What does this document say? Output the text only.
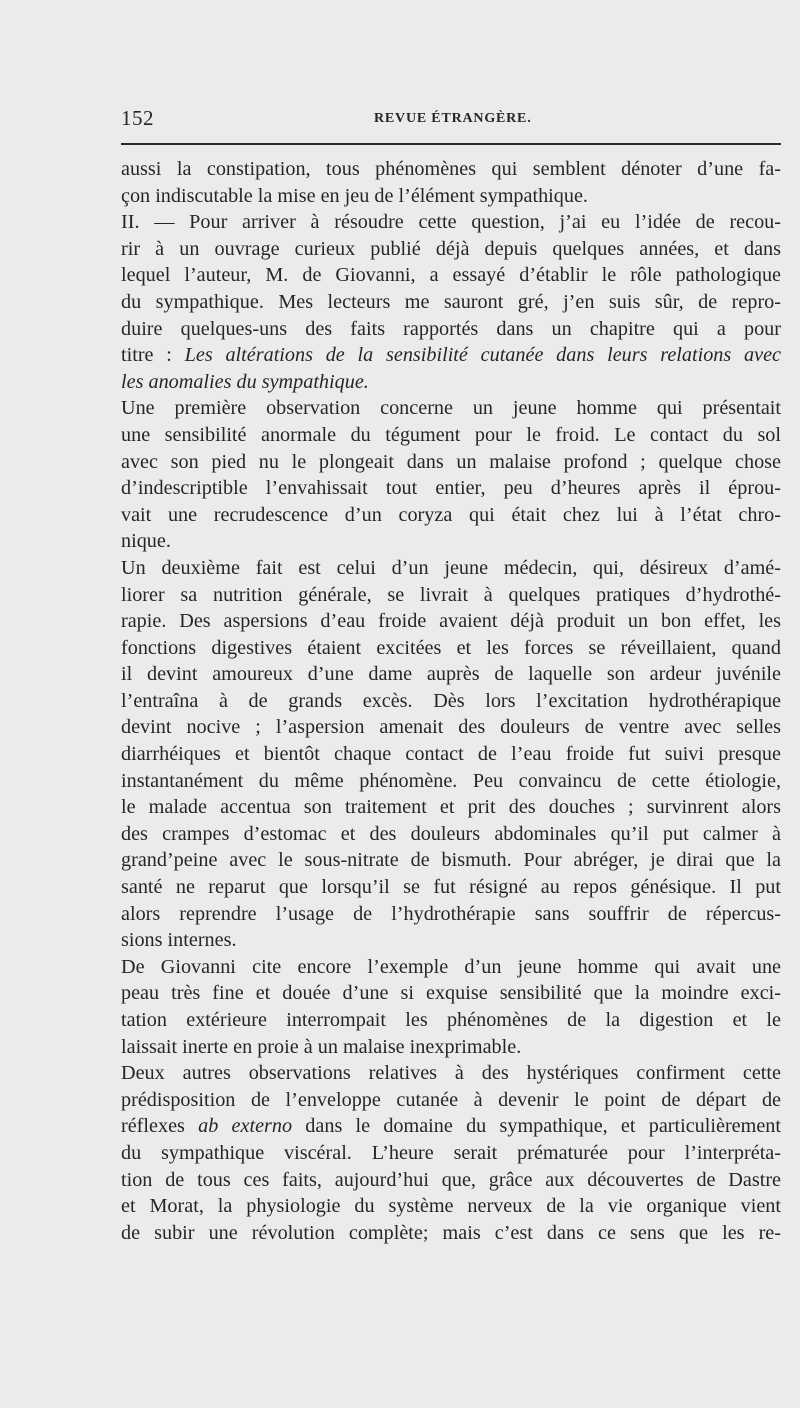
152	REVUE ÉTRANGÈRE.
aussi la constipation, tous phénomènes qui semblent dénoter d’une fa-
çon indiscutable la mise en jeu de l’élément sympathique.
II. — Pour arriver à résoudre cette question, j’ai eu l’idée de recou-
rir à un ouvrage curieux publié déjà depuis quelques années, et dans
lequel l’auteur, M. de Giovanni, a essayé d’établir le rôle pathologique
du sympathique. Mes lecteurs me sauront gré, j’en suis sûr, de repro-
duire quelques-uns des faits rapportés dans un chapitre qui a pour
titre : Les altérations de la sensibilité cutanée dans leurs relations avec
les anomalies du sympathique.
Une première observation concerne un jeune homme qui présentait
une sensibilité anormale du tégument pour le froid. Le contact du sol
avec son pied nu le plongeait dans un malaise profond ; quelque chose
d’indescriptible l’envahissait tout entier, peu d’heures après il éprou-
vait une recrudescence d’un coryza qui était chez lui à l’état chro-
nique.
Un deuxième fait est celui d’un jeune médecin, qui, désireux d’amé-
liorer sa nutrition générale, se livrait à quelques pratiques d’hydrothé-
rapie. Des aspersions d’eau froide avaient déjà produit un bon effet, les
fonctions digestives étaient excitées et les forces se réveillaient, quand
il devint amoureux d’une dame auprès de laquelle son ardeur juvénile
l’entraîna à de grands excès. Dès lors l’excitation hydrothérapique
devint nocive ; l’aspersion amenait des douleurs de ventre avec selles
diarrhéiques et bientôt chaque contact de l’eau froide fut suivi presque
instantanément du même phénomène. Peu convaincu de cette étiologie,
le malade accentua son traitement et prit des douches ; survinrent alors
des crampes d’estomac et des douleurs abdominales qu’il put calmer à
grand’peine avec le sous-nitrate de bismuth. Pour abréger, je dirai que la
santé ne reparut que lorsqu’il se fut résigné au repos génésique. Il put
alors reprendre l’usage de l’hydrothérapie sans souffrir de répercus-
sions internes.
De Giovanni cite encore l’exemple d’un jeune homme qui avait une
peau très fine et douée d’une si exquise sensibilité que la moindre exci-
tation extérieure interrompait les phénomènes de la digestion et le
laissait inerte en proie à un malaise inexprimable.
Deux autres observations relatives à des hystériques confirment cette
prédisposition de l’enveloppe cutanée à devenir le point de départ de
réflexes ab externo dans le domaine du sympathique, et particulièrement
du sympathique viscéral. L’heure serait prématurée pour l’interpréta-
tion de tous ces faits, aujourd’hui que, grâce aux découvertes de Dastre
et Morat, la physiologie du système nerveux de la vie organique vient
de subir une révolution complète; mais c’est dans ce sens que les re-
